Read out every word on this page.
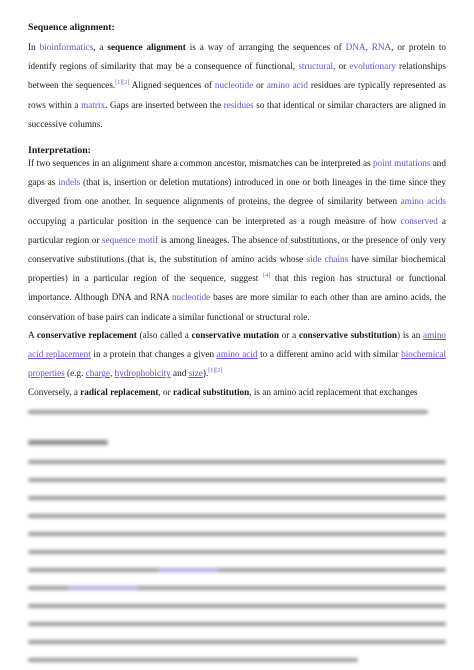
Sequence alignment:
In bioinformatics, a sequence alignment is a way of arranging the sequences of DNA, RNA, or protein to identify regions of similarity that may be a consequence of functional, structural, or evolutionary relationships between the sequences.[1][2] Aligned sequences of nucleotide or amino acid residues are typically represented as rows within a matrix. Gaps are inserted between the residues so that identical or similar characters are aligned in successive columns.
Interpretation:
If two sequences in an alignment share a common ancestor, mismatches can be interpreted as point mutations and gaps as indels (that is, insertion or deletion mutations) introduced in one or both lineages in the time since they diverged from one another. In sequence alignments of proteins, the degree of similarity between amino acids occupying a particular position in the sequence can be interpreted as a rough measure of how conserved a particular region or sequence motif is among lineages. The absence of substitutions, or the presence of only very conservative substitutions (that is, the substitution of amino acids whose side chains have similar biochemical properties) in a particular region of the sequence, suggest [4] that this region has structural or functional importance. Although DNA and RNA nucleotide bases are more similar to each other than are amino acids, the conservation of base pairs can indicate a similar functional or structural role.
A conservative replacement (also called a conservative mutation or a conservative substitution) is an amino acid replacement in a protein that changes a given amino acid to a different amino acid with similar biochemical properties (e.g. charge, hydrophobicity and size).[1][2]
Conversely, a radical replacement, or radical substitution, is an amino acid replacement that exchanges
